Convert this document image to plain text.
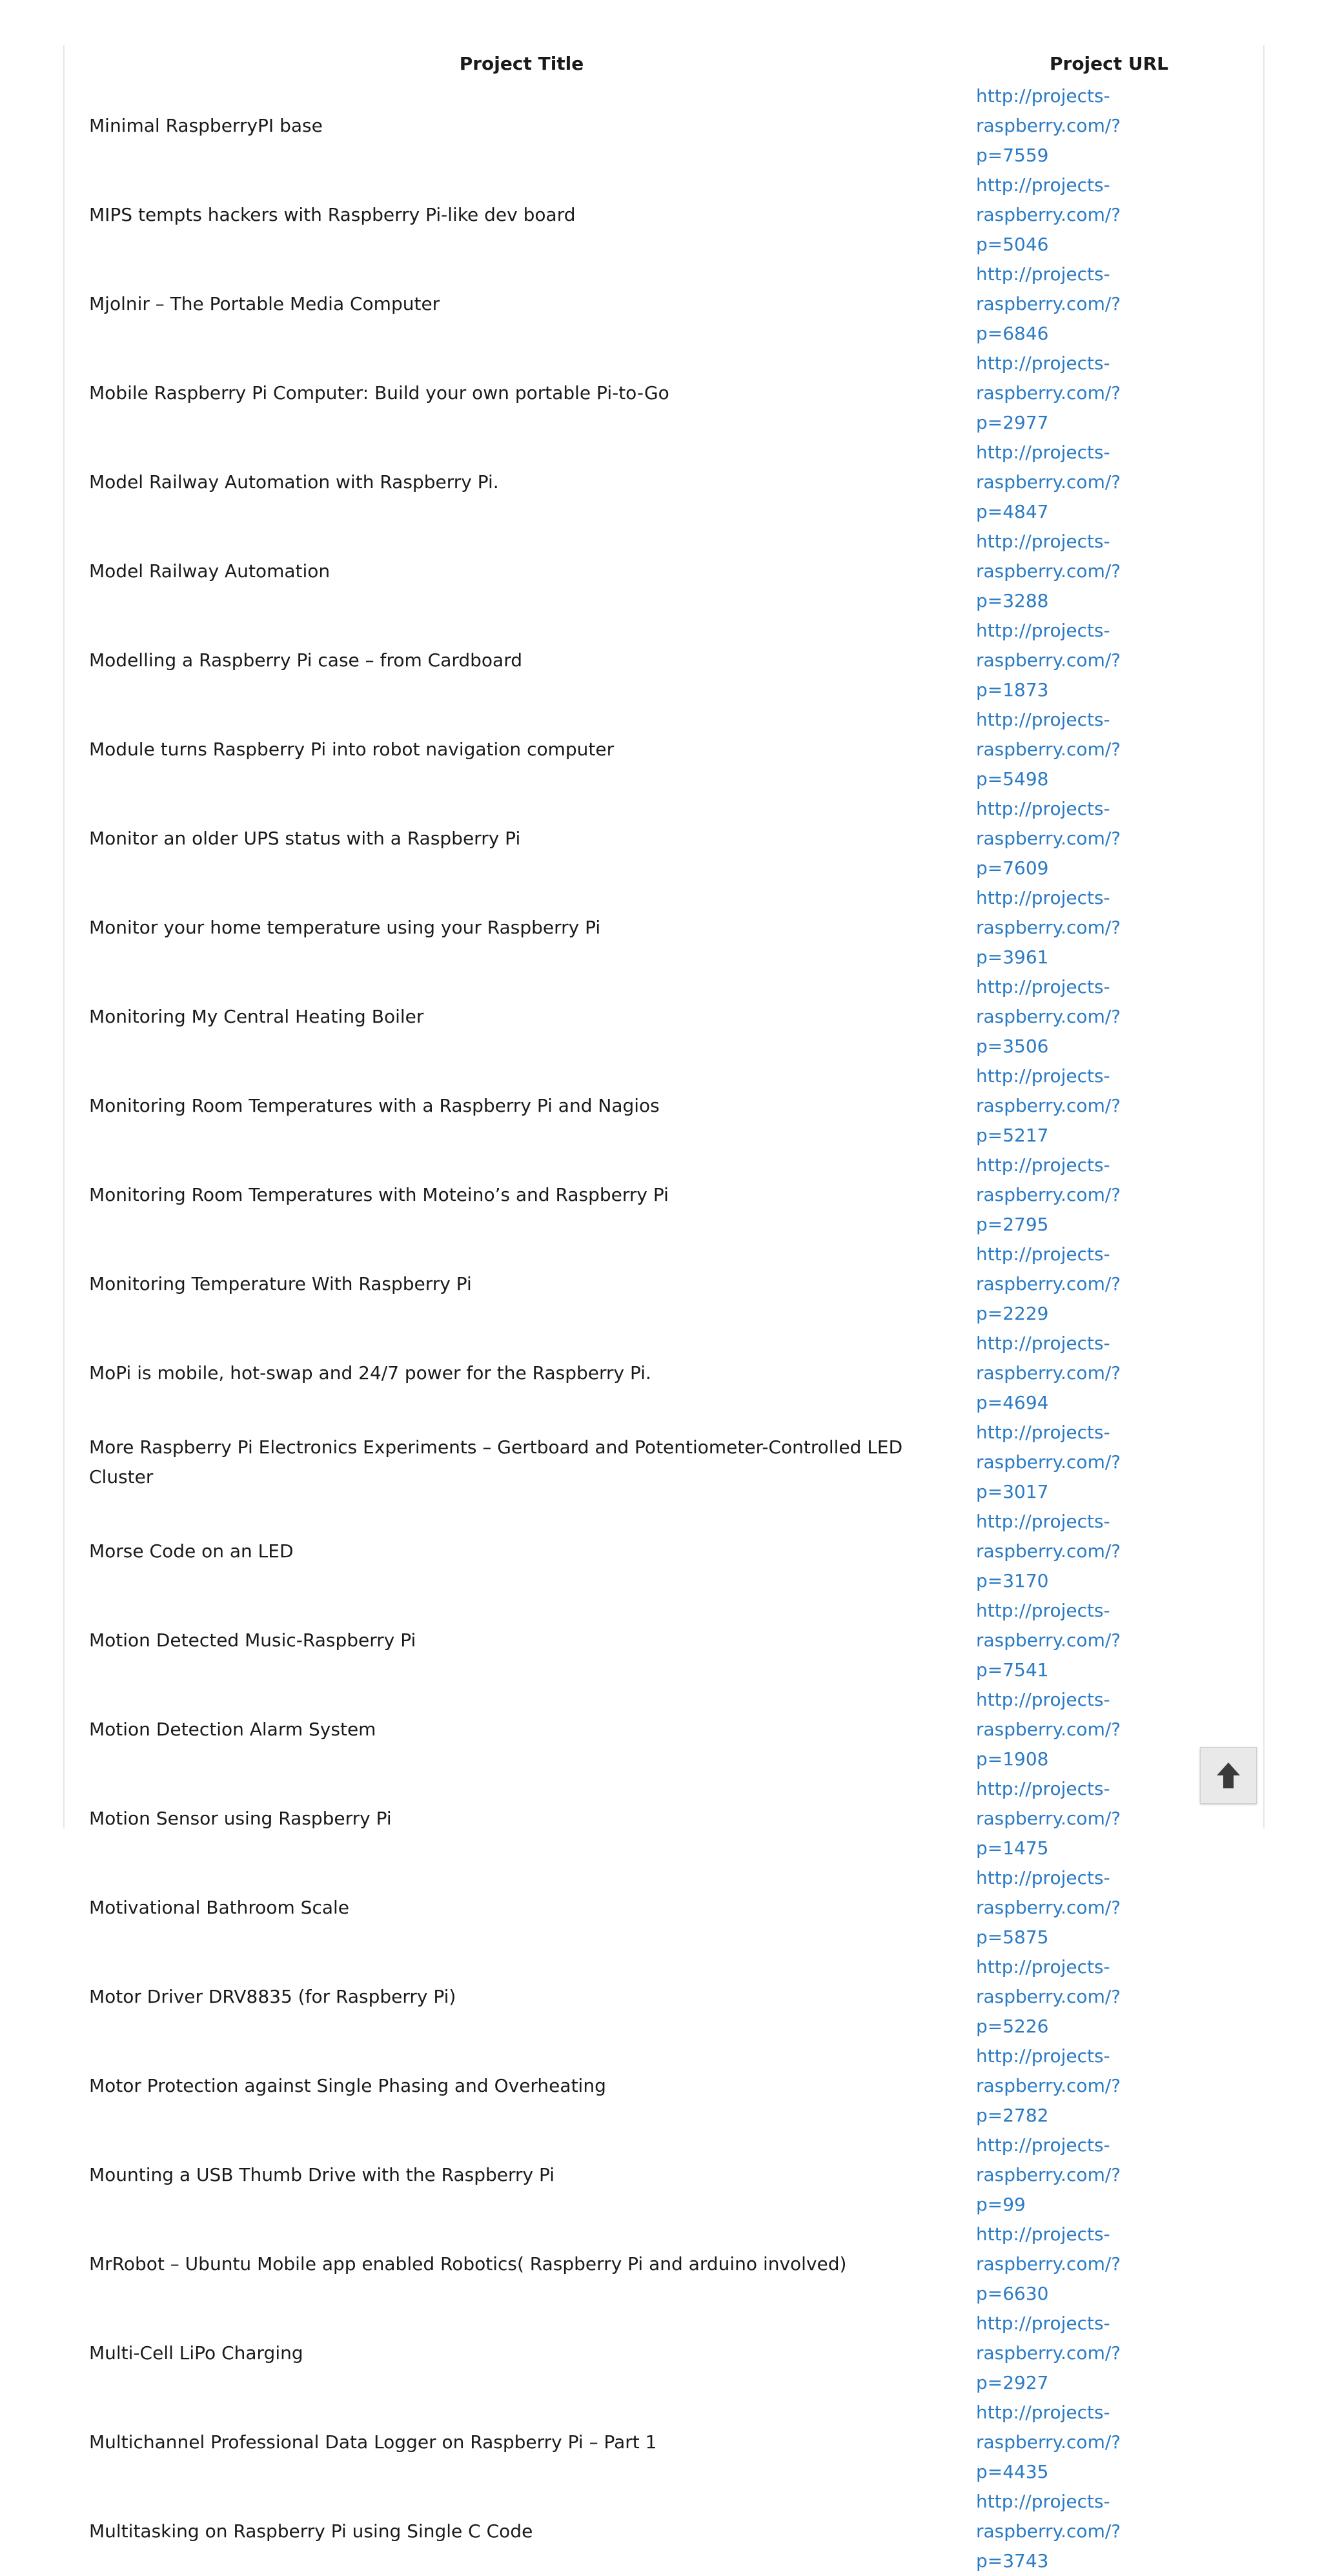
Project Title	Project URL
Minimal RaspberryPI base	http://projects-raspberry.com/?
p=7559

MIPS tempts hackers with Raspberry Pi-like dev board	http://projects-raspberry.com/?
p=5046

Mjolnir – The Portable Media Computer	http://projects-raspberry.com/?
p=6846

Mobile Raspberry Pi Computer: Build your own portable Pi-to-Go	http://projects-raspberry.com/?
p=2977

Model Railway Automation with Raspberry Pi.	http://projects-raspberry.com/?
p=4847

Model Railway Automation	http://projects-raspberry.com/?
p=3288

Modelling a Raspberry Pi case – from Cardboard	http://projects-raspberry.com/?
p=1873

Module turns Raspberry Pi into robot navigation computer	http://projects-raspberry.com/?
p=5498

Monitor an older UPS status with a Raspberry Pi	http://projects-raspberry.com/?
p=7609

Monitor your home temperature using your Raspberry Pi	http://projects-raspberry.com/?
p=3961

Monitoring My Central Heating Boiler	http://projects-raspberry.com/?
p=3506

Monitoring Room Temperatures with a Raspberry Pi and Nagios	http://projects-raspberry.com/?
p=5217

Monitoring Room Temperatures with Moteino’s and Raspberry Pi	http://projects-raspberry.com/?
p=2795

Monitoring Temperature With Raspberry Pi	http://projects-raspberry.com/?
p=2229

MoPi is mobile, hot-swap and 24/7 power for the Raspberry Pi.	http://projects-raspberry.com/?
p=4694

More Raspberry Pi Electronics Experiments – Gertboard and Potentiometer-Controlled LED Cluster	http://projects-raspberry.com/?
p=3017

Morse Code on an LED	http://projects-raspberry.com/?
p=3170

Motion Detected Music-Raspberry Pi	http://projects-raspberry.com/?
p=7541

Motion Detection Alarm System	http://projects-raspberry.com/?
p=1908

Motion Sensor using Raspberry Pi	http://projects-raspberry.com/?
p=1475

Motivational Bathroom Scale	http://projects-raspberry.com/?
p=5875

Motor Driver DRV8835 (for Raspberry Pi)	http://projects-raspberry.com/?
p=5226

Motor Protection against Single Phasing and Overheating	http://projects-raspberry.com/?
p=2782

Mounting a USB Thumb Drive with the Raspberry Pi	http://projects-raspberry.com/?
p=99

MrRobot – Ubuntu Mobile app enabled Robotics( Raspberry Pi and arduino involved)	http://projects-raspberry.com/?
p=6630

Multi-Cell LiPo Charging	http://projects-raspberry.com/?
p=2927

Multichannel Professional Data Logger on Raspberry Pi – Part 1	http://projects-raspberry.com/?
p=4435

Multitasking on Raspberry Pi using Single C Code	http://projects-raspberry.com/?
p=3743
